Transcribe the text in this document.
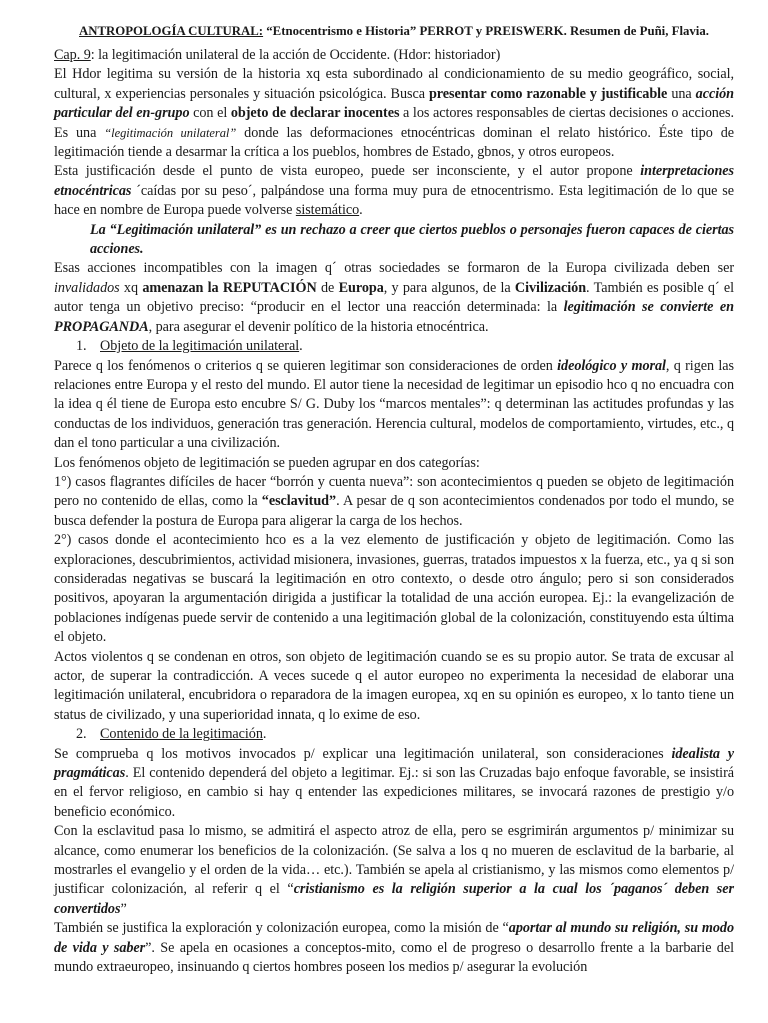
ANTROPOLOGÍA CULTURAL: “Etnocentrismo e Historia” PERROT y PREISWERK. Resumen de Puñi, Flavia.

Cap. 9: la legitimación unilateral de la acción de Occidente. (Hdor: historiador)

El Hdor legitima su versión de la historia xq esta subordinado al condicionamiento de su medio geográfico, social, cultural, x experiencias personales y situación psicológica. Busca presentar como razonable y justificable una acción particular del en-grupo con el objeto de declarar inocentes a los actores responsables de ciertas decisiones o acciones. Es una “legitimación unilateral” donde las deformaciones etnocéntricas dominan el relato histórico. Éste tipo de legitimación tiende a desarmar la crítica a los pueblos, hombres de Estado, gbnos, y otros europeos.

Esta justificación desde el punto de vista europeo, puede ser inconsciente, y el autor propone interpretaciones etnocéntricas ´caídas por su peso´, palpándose una forma muy pura de etnocentrismo. Esta legitimación de lo que se hace en nombre de Europa puede volverse sistemático.

La “Legitimación unilateral” es un rechazo a creer que ciertos pueblos o personajes fueron capaces de ciertas acciones.

Esas acciones incompatibles con la imagen q´ otras sociedades se formaron de la Europa civilizada deben ser invalidados xq amenazan la REPUTACIÓN de Europa, y para algunos, de la Civilización. También es posible q´ el autor tenga un objetivo preciso: “producir en el lector una reacción determinada: la legitimación se convierte en PROPAGANDA, para asegurar el devenir político de la historia etnocéntrica.

1. Objeto de la legitimación unilateral.

Parece q los fenómenos o criterios q se quieren legitimar son consideraciones de orden ideológico y moral, q rigen las relaciones entre Europa y el resto del mundo. El autor tiene la necesidad de legitimar un episodio hco q no encuadra con la idea q él tiene de Europa esto encubre S/ G. Duby los “marcos mentales”: q determinan las actitudes profundas y las conductas de los individuos, generación tras generación. Herencia cultural, modelos de comportamiento, virtudes, etc., q dan el tono particular a una civilización.

Los fenómenos objeto de legitimación se pueden agrupar en dos categorías:

1°) casos flagrantes difíciles de hacer “borrón y cuenta nueva”: son acontecimientos q pueden se objeto de legitimación pero no contenido de ellas, como la “esclavitud”. A pesar de q son acontecimientos condenados por todo el mundo, se busca defender la postura de Europa para aligerar la carga de los hechos.

2°) casos donde el acontecimiento hco es a la vez elemento de justificación y objeto de legitimación. Como las exploraciones, descubrimientos, actividad misionera, invasiones, guerras, tratados impuestos x la fuerza, etc., ya q si son consideradas negativas se buscará la legitimación en otro contexto, o desde otro ángulo; pero si son considerados positivos, apoyaran la argumentación dirigida a justificar la totalidad de una acción europea. Ej.: la evangelización de poblaciones indígenas puede servir de contenido a una legitimación global de la colonización, constituyendo esta última el objeto.

Actos violentos q se condenan en otros, son objeto de legitimación cuando se es su propio autor. Se trata de excusar al actor, de superar la contradicción. A veces sucede q el autor europeo no experimenta la necesidad de elaborar una legitimación unilateral, encubridora o reparadora de la imagen europea, xq en su opinión es europeo, x lo tanto tiene un status de civilizado, y una superioridad innata, q lo exime de eso.

2. Contenido de la legitimación.

Se comprueba q los motivos invocados p/ explicar una legitimación unilateral, son consideraciones idealista y pragmáticas. El contenido dependerá del objeto a legitimar. Ej.: si son las Cruzadas bajo enfoque favorable, se insistirá en el fervor religioso, en cambio si hay q entender las expediciones militares, se invocará razones de prestigio y/o beneficio económico.

Con la esclavitud pasa lo mismo, se admitirá el aspecto atroz de ella, pero se esgrimirán argumentos p/ minimizar su alcance, como enumerar los beneficios de la colonización. (Se salva a los q no mueren de esclavitud de la barbarie, al mostrarles el evangelio y el orden de la vida… etc.). También se apela al cristianismo, y las mismos como elementos p/ justificar colonización, al referir q el “cristianismo es la religión superior a la cual los ´paganos´ deben ser convertidos”

También se justifica la exploración y colonización europea, como la misión de “aportar al mundo su religión, su modo de vida y saber”. Se apela en ocasiones a conceptos-mito, como el de progreso o desarrollo frente a la barbarie del mundo extraeuropeo, insinuando q ciertos hombres poseen los medios p/ asegurar la evolución
